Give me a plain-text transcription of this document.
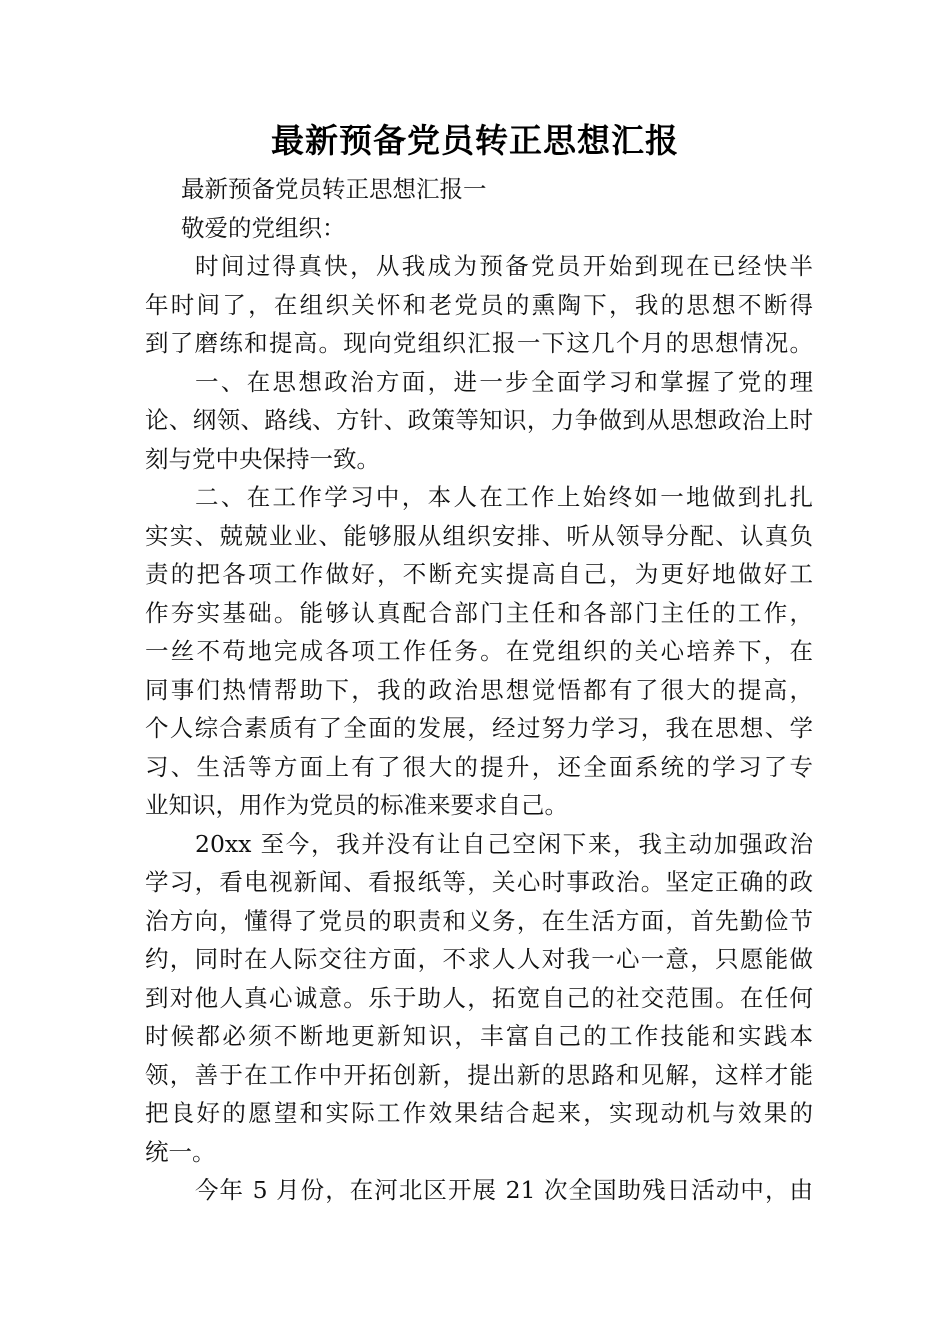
最新预备党员转正思想汇报
最新预备党员转正思想汇报一
敬爱的党组织：
时间过得真快，从我成为预备党员开始到现在已经快半
年时间了，在组织关怀和老党员的熏陶下，我的思想不断得
到了磨练和提高。现向党组织汇报一下这几个月的思想情况。
一、在思想政治方面，进一步全面学习和掌握了党的理
论、纲领、路线、方针、政策等知识，力争做到从思想政治上时
刻与党中央保持一致。
二、在工作学习中，本人在工作上始终如一地做到扎扎
实实、兢兢业业、能够服从组织安排、听从领导分配、认真负
责的把各项工作做好，不断充实提高自己，为更好地做好工
作夯实基础。能够认真配合部门主任和各部门主任的工作，
一丝不苟地完成各项工作任务。在党组织的关心培养下，在
同事们热情帮助下，我的政治思想觉悟都有了很大的提高，
个人综合素质有了全面的发展，经过努力学习，我在思想、学
习、生活等方面上有了很大的提升，还全面系统的学习了专
业知识，用作为党员的标准来要求自己。
20xx 至今，我并没有让自己空闲下来，我主动加强政治
学习，看电视新闻、看报纸等，关心时事政治。坚定正确的政
治方向，懂得了党员的职责和义务，在生活方面，首先勤俭节
约，同时在人际交往方面，不求人人对我一心一意，只愿能做
到对他人真心诚意。乐于助人，拓宽自己的社交范围。在任何
时候都必须不断地更新知识，丰富自己的工作技能和实践本
领，善于在工作中开拓创新，提出新的思路和见解，这样才能
把良好的愿望和实际工作效果结合起来，实现动机与效果的
统一。
今年 5 月份，在河北区开展 21 次全国助残日活动中，由
